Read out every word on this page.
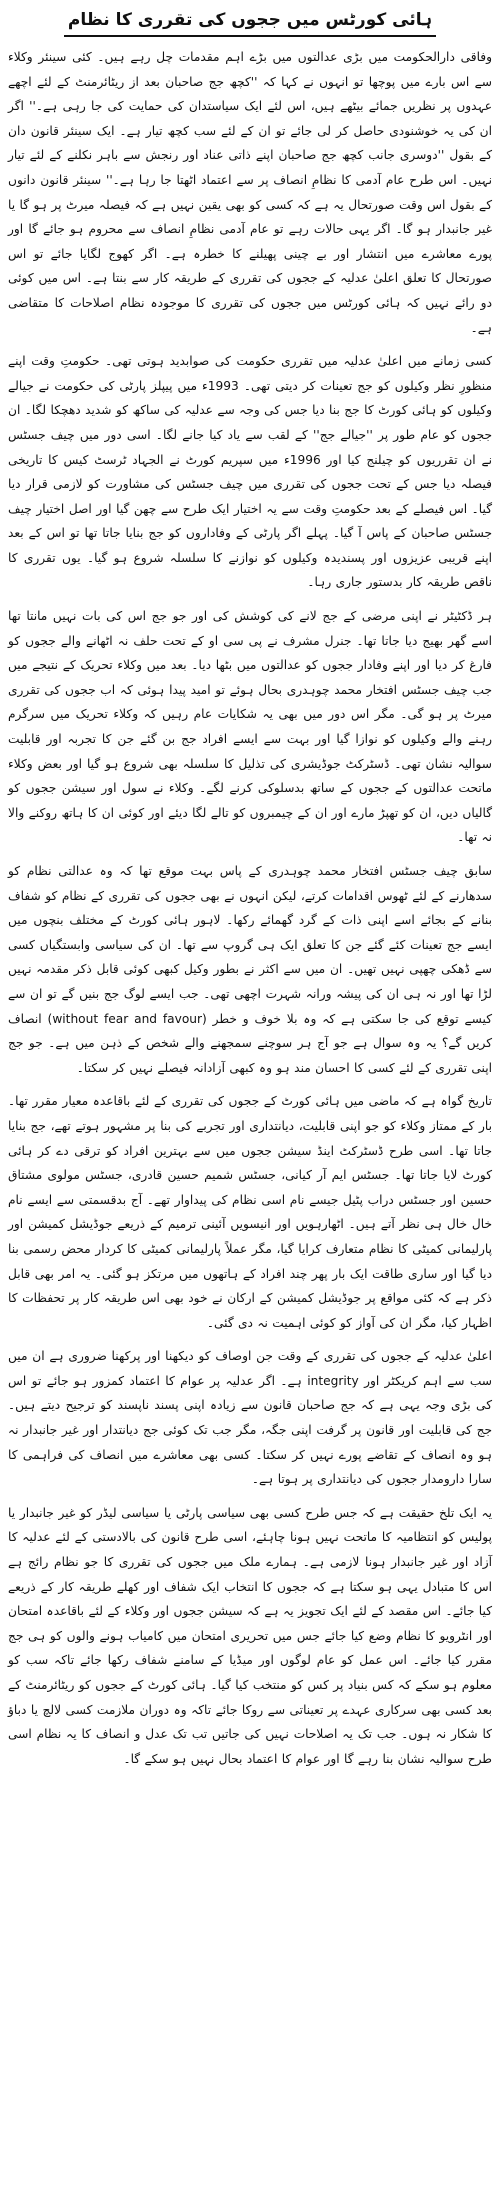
ہائی کورٹس میں ججوں کی تقرری کا نظام

وفاقی دارالحکومت میں بڑی عدالتوں میں بڑے اہم مقدمات چل رہے ہیں۔ کئی سینئر وکلاء سے اس بارے میں پوچھا تو انہوں نے کہا کہ ''کچھ جج صاحبان بعد از ریٹائرمنٹ کے لئے اچھے عہدوں پر نظریں جمائے بیٹھے ہیں، اس لئے ایک سیاستدان کی حمایت کی جا رہی ہے۔'' اگر ان کی یہ خوشنودی حاصل کر لی جائے تو ان کے لئے سب کچھ تیار ہے۔ ایک سینئر قانون دان کے بقول ''دوسری جانب کچھ جج صاحبان اپنے ذاتی عناد اور رنجش سے باہر نکلنے کے لئے تیار نہیں۔ اس طرح عام آدمی کا نظامِ انصاف پر سے اعتماد اٹھتا جا رہا ہے۔'' سینئر قانون دانوں کے بقول اس وقت صورتحال یہ ہے کہ کسی کو بھی یقین نہیں ہے کہ فیصلہ میرٹ پر ہو گا یا غیر جانبدار ہو گا۔ اگر یہی حالات رہے تو عام آدمی نظامِ انصاف سے محروم ہو جائے گا اور پورے معاشرے میں انتشار اور بے چینی پھیلنے کا خطرہ ہے۔ اگر کھوج لگایا جائے تو اس صورتحال کا تعلق اعلیٰ عدلیہ کے ججوں کی تقرری کے طریقہ کار سے بنتا ہے۔ اس میں کوئی دو رائے نہیں کہ ہائی کورٹس میں ججوں کی تقرری کا موجودہ نظام اصلاحات کا متقاضی ہے۔

کسی زمانے میں اعلیٰ عدلیہ میں تقرری حکومت کی صوابدید ہوتی تھی۔ حکومتِ وقت اپنے منظورِ نظر وکیلوں کو جج تعینات کر دیتی تھی۔ 1993ء میں پیپلز پارٹی کی حکومت نے جیالے وکیلوں کو ہائی کورٹ کا جج بنا دیا جس کی وجہ سے عدلیہ کی ساکھ کو شدید دھچکا لگا۔ ان ججوں کو عام طور پر ''جیالے جج'' کے لقب سے یاد کیا جانے لگا۔ اسی دور میں چیف جسٹس نے ان تقرریوں کو چیلنج کیا اور 1996ء میں سپریم کورٹ نے الجہاد ٹرسٹ کیس کا تاریخی فیصلہ دیا جس کے تحت ججوں کی تقرری میں چیف جسٹس کی مشاورت کو لازمی قرار دیا گیا۔ اس فیصلے کے بعد حکومتِ وقت سے یہ اختیار ایک طرح سے چھن گیا اور اصل اختیار چیف جسٹس صاحبان کے پاس آ گیا۔ پہلے اگر پارٹی کے وفاداروں کو جج بنایا جاتا تھا تو اس کے بعد اپنے قریبی عزیزوں اور پسندیدہ وکیلوں کو نوازنے کا سلسلہ شروع ہو گیا۔ یوں تقرری کا ناقص طریقہ کار بدستور جاری رہا۔

ہر ڈکٹیٹر نے اپنی مرضی کے جج لانے کی کوشش کی اور جو جج اس کی بات نہیں مانتا تھا اسے گھر بھیج دیا جاتا تھا۔ جنرل مشرف نے پی سی او کے تحت حلف نہ اٹھانے والے ججوں کو فارغ کر دیا اور اپنے وفادار ججوں کو عدالتوں میں بٹھا دیا۔ بعد میں وکلاء تحریک کے نتیجے میں جب چیف جسٹس افتخار محمد چوہدری بحال ہوئے تو امید پیدا ہوئی کہ اب ججوں کی تقرری میرٹ پر ہو گی۔ مگر اس دور میں بھی یہ شکایات عام رہیں کہ وکلاء تحریک میں سرگرم رہنے والے وکیلوں کو نوازا گیا اور بہت سے ایسے افراد جج بن گئے جن کا تجربہ اور قابلیت سوالیہ نشان تھی۔ ڈسٹرکٹ جوڈیشری کی تذلیل کا سلسلہ بھی شروع ہو گیا اور بعض وکلاء ماتحت عدالتوں کے ججوں کے ساتھ بدسلوکی کرنے لگے۔ وکلاء نے سول اور سیشن ججوں کو گالیاں دیں، ان کو تھپڑ مارے اور ان کے چیمبروں کو تالے لگا دیئے اور کوئی ان کا ہاتھ روکنے والا نہ تھا۔

سابق چیف جسٹس افتخار محمد چوہدری کے پاس بہت موقع تھا کہ وہ عدالتی نظام کو سدھارنے کے لئے ٹھوس اقدامات کرتے، لیکن انہوں نے بھی ججوں کی تقرری کے نظام کو شفاف بنانے کے بجائے اسے اپنی ذات کے گرد گھمائے رکھا۔ لاہور ہائی کورٹ کے مختلف بنچوں میں ایسے جج تعینات کئے گئے جن کا تعلق ایک ہی گروپ سے تھا۔ ان کی سیاسی وابستگیاں کسی سے ڈھکی چھپی نہیں تھیں۔ ان میں سے اکثر نے بطور وکیل کبھی کوئی قابل ذکر مقدمہ نہیں لڑا تھا اور نہ ہی ان کی پیشہ ورانہ شہرت اچھی تھی۔ جب ایسے لوگ جج بنیں گے تو ان سے کیسے توقع کی جا سکتی ہے کہ وہ بلا خوف و خطر (without fear and favour) انصاف کریں گے؟ یہ وہ سوال ہے جو آج ہر سوچنے سمجھنے والے شخص کے ذہن میں ہے۔ جو جج اپنی تقرری کے لئے کسی کا احسان مند ہو وہ کبھی آزادانہ فیصلے نہیں کر سکتا۔

تاریخ گواہ ہے کہ ماضی میں ہائی کورٹ کے ججوں کی تقرری کے لئے باقاعدہ معیار مقرر تھا۔ بار کے ممتاز وکلاء کو جو اپنی قابلیت، دیانتداری اور تجربے کی بنا پر مشہور ہوتے تھے، جج بنایا جاتا تھا۔ اسی طرح ڈسٹرکٹ اینڈ سیشن ججوں میں سے بہترین افراد کو ترقی دے کر ہائی کورٹ لایا جاتا تھا۔ جسٹس ایم آر کیانی، جسٹس شمیم حسین قادری، جسٹس مولوی مشتاق حسین اور جسٹس دراب پٹیل جیسے نام اسی نظام کی پیداوار تھے۔ آج بدقسمتی سے ایسے نام خال خال ہی نظر آتے ہیں۔ اٹھارہویں اور انیسویں آئینی ترمیم کے ذریعے جوڈیشل کمیشن اور پارلیمانی کمیٹی کا نظام متعارف کرایا گیا، مگر عملاً پارلیمانی کمیٹی کا کردار محض رسمی بنا دیا گیا اور ساری طاقت ایک بار پھر چند افراد کے ہاتھوں میں مرتکز ہو گئی۔ یہ امر بھی قابل ذکر ہے کہ کئی مواقع پر جوڈیشل کمیشن کے ارکان نے خود بھی اس طریقہ کار پر تحفظات کا اظہار کیا، مگر ان کی آواز کو کوئی اہمیت نہ دی گئی۔

اعلیٰ عدلیہ کے ججوں کی تقرری کے وقت جن اوصاف کو دیکھنا اور پرکھنا ضروری ہے ان میں سب سے اہم کریکٹر اور integrity ہے۔ اگر عدلیہ پر عوام کا اعتماد کمزور ہو جائے تو اس کی بڑی وجہ یہی ہے کہ جج صاحبان قانون سے زیادہ اپنی پسند ناپسند کو ترجیح دیتے ہیں۔ جج کی قابلیت اور قانون پر گرفت اپنی جگہ، مگر جب تک کوئی جج دیانتدار اور غیر جانبدار نہ ہو وہ انصاف کے تقاضے پورے نہیں کر سکتا۔ کسی بھی معاشرے میں انصاف کی فراہمی کا سارا دارومدار ججوں کی دیانتداری پر ہوتا ہے۔

یہ ایک تلخ حقیقت ہے کہ جس طرح کسی بھی سیاسی پارٹی یا سیاسی لیڈر کو غیر جانبدار یا پولیس کو انتظامیہ کا ماتحت نہیں ہونا چاہئے، اسی طرح قانون کی بالادستی کے لئے عدلیہ کا آزاد اور غیر جانبدار ہونا لازمی ہے۔ ہمارے ملک میں ججوں کی تقرری کا جو نظام رائج ہے اس کا متبادل یہی ہو سکتا ہے کہ ججوں کا انتخاب ایک شفاف اور کھلے طریقہ کار کے ذریعے کیا جائے۔ اس مقصد کے لئے ایک تجویز یہ ہے کہ سیشن ججوں اور وکلاء کے لئے باقاعدہ امتحان اور انٹرویو کا نظام وضع کیا جائے جس میں تحریری امتحان میں کامیاب ہونے والوں کو ہی جج مقرر کیا جائے۔ اس عمل کو عام لوگوں اور میڈیا کے سامنے شفاف رکھا جائے تاکہ سب کو معلوم ہو سکے کہ کس بنیاد پر کس کو منتخب کیا گیا۔ ہائی کورٹ کے ججوں کو ریٹائرمنٹ کے بعد کسی بھی سرکاری عہدے پر تعیناتی سے روکا جائے تاکہ وہ دوران ملازمت کسی لالچ یا دباؤ کا شکار نہ ہوں۔ جب تک یہ اصلاحات نہیں کی جاتیں تب تک عدل و انصاف کا یہ نظام اسی طرح سوالیہ نشان بنا رہے گا اور عوام کا اعتماد بحال نہیں ہو سکے گا۔
